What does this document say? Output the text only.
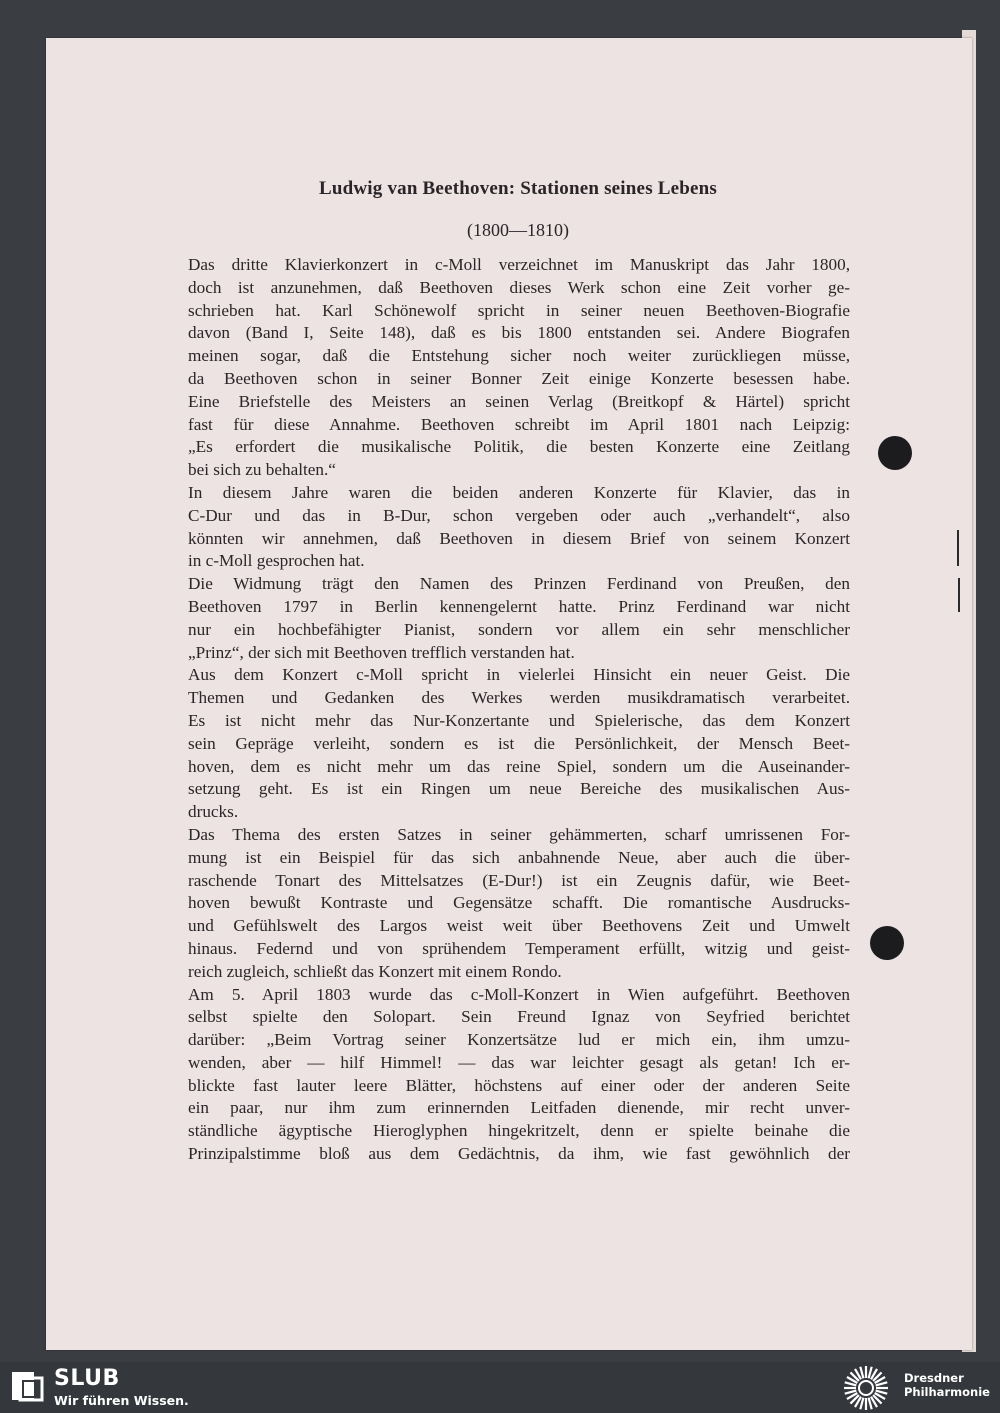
Ludwig van Beethoven: Stationen seines Lebens
(1800—1810)
Das dritte Klavierkonzert in c-Moll verzeichnet im Manuskript das Jahr 1800,
doch ist anzunehmen, daß Beethoven dieses Werk schon eine Zeit vorher ge-
schrieben hat. Karl Schönewolf spricht in seiner neuen Beethoven-Biografie
davon (Band I, Seite 148), daß es bis 1800 entstanden sei. Andere Biografen
meinen sogar, daß die Entstehung sicher noch weiter zurückliegen müsse,
da Beethoven schon in seiner Bonner Zeit einige Konzerte besessen habe.
Eine Briefstelle des Meisters an seinen Verlag (Breitkopf & Härtel) spricht
fast für diese Annahme. Beethoven schreibt im April 1801 nach Leipzig:
„Es erfordert die musikalische Politik, die besten Konzerte eine Zeitlang
bei sich zu behalten.“
In diesem Jahre waren die beiden anderen Konzerte für Klavier, das in
C-Dur und das in B-Dur, schon vergeben oder auch „verhandelt“, also
könnten wir annehmen, daß Beethoven in diesem Brief von seinem Konzert
in c-Moll gesprochen hat.
Die Widmung trägt den Namen des Prinzen Ferdinand von Preußen, den
Beethoven 1797 in Berlin kennengelernt hatte. Prinz Ferdinand war nicht
nur ein hochbefähigter Pianist, sondern vor allem ein sehr menschlicher
„Prinz“, der sich mit Beethoven trefflich verstanden hat.
Aus dem Konzert c-Moll spricht in vielerlei Hinsicht ein neuer Geist. Die
Themen und Gedanken des Werkes werden musikdramatisch verarbeitet.
Es ist nicht mehr das Nur-Konzertante und Spielerische, das dem Konzert
sein Gepräge verleiht, sondern es ist die Persönlichkeit, der Mensch Beet-
hoven, dem es nicht mehr um das reine Spiel, sondern um die Auseinander-
setzung geht. Es ist ein Ringen um neue Bereiche des musikalischen Aus-
drucks.
Das Thema des ersten Satzes in seiner gehämmerten, scharf umrissenen For-
mung ist ein Beispiel für das sich anbahnende Neue, aber auch die über-
raschende Tonart des Mittelsatzes (E-Dur!) ist ein Zeugnis dafür, wie Beet-
hoven bewußt Kontraste und Gegensätze schafft. Die romantische Ausdrucks-
und Gefühlswelt des Largos weist weit über Beethovens Zeit und Umwelt
hinaus. Federnd und von sprühendem Temperament erfüllt, witzig und geist-
reich zugleich, schließt das Konzert mit einem Rondo.
Am 5. April 1803 wurde das c-Moll-Konzert in Wien aufgeführt. Beethoven
selbst spielte den Solopart. Sein Freund Ignaz von Seyfried berichtet
darüber: „Beim Vortrag seiner Konzertsätze lud er mich ein, ihm umzu-
wenden, aber — hilf Himmel! — das war leichter gesagt als getan! Ich er-
blickte fast lauter leere Blätter, höchstens auf einer oder der anderen Seite
ein paar, nur ihm zum erinnernden Leitfaden dienende, mir recht unver-
ständliche ägyptische Hieroglyphen hingekritzelt, denn er spielte beinahe die
Prinzipalstimme bloß aus dem Gedächtnis, da ihm, wie fast gewöhnlich der
SLUB
Wir führen Wissen.
Dresdner
Philharmonie
